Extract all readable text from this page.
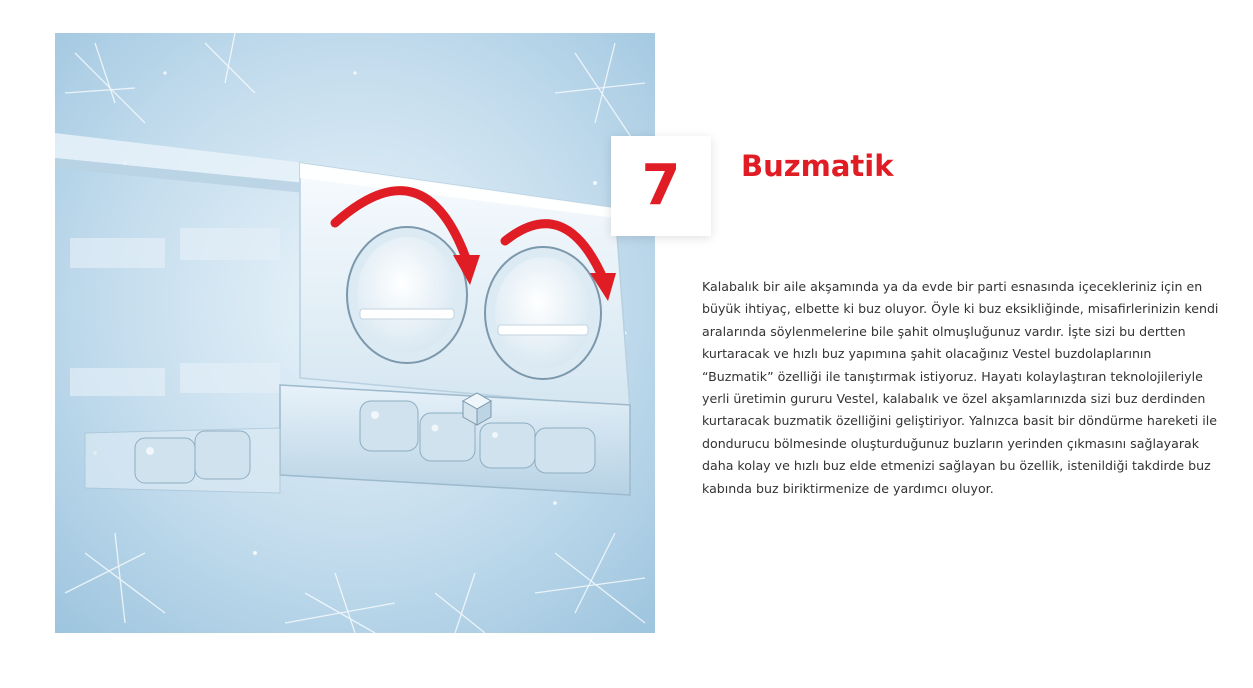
7 Buzmatik

Kalabalık bir aile akşamında ya da evde bir parti esnasında içecekleriniz için en büyük ihtiyaç, elbette ki buz oluyor. Öyle ki buz eksikliğinde, misafirlerinizin kendi aralarında söylenmelerine bile şahit olmuşluğunuz vardır. İşte sizi bu dertten kurtaracak ve hızlı buz yapımına şahit olacağınız Vestel buzdolaplarının “Buzmatik” özelliği ile tanıştırmak istiyoruz. Hayatı kolaylaştıran teknolojileriyle yerli üretimin gururu Vestel, kalabalık ve özel akşamlarınızda sizi buz derdinden kurtaracak buzmatik özelliğini geliştiriyor. Yalnızca basit bir döndürme hareketi ile dondurucu bölmesinde oluşturduğunuz buzların yerinden çıkmasını sağlayarak daha kolay ve hızlı buz elde etmenizi sağlayan bu özellik, istenildiği takdirde buz kabında buz biriktirmenize de yardımcı oluyor.
